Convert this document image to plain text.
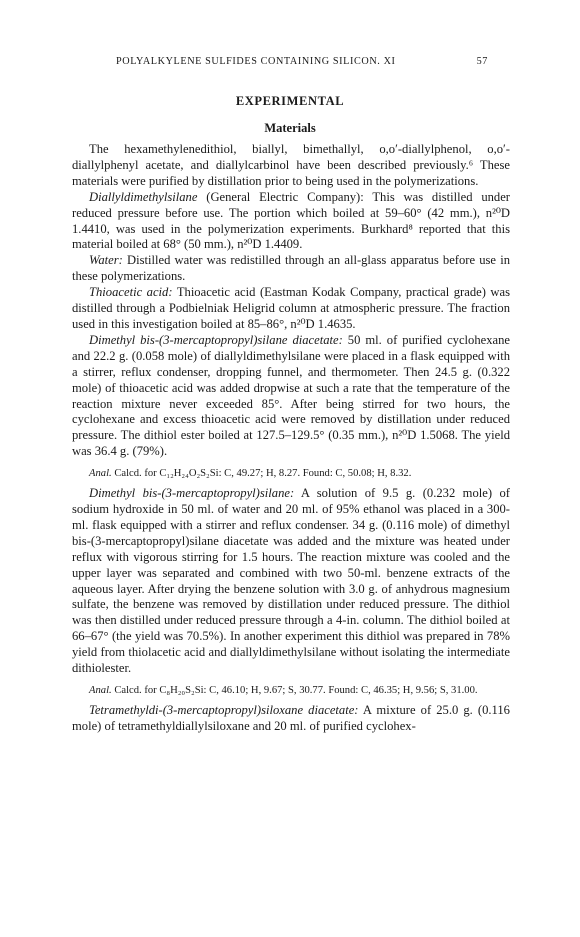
POLYALKYLENE SULFIDES CONTAINING SILICON. XI	57
EXPERIMENTAL
Materials

The hexamethylenedithiol, biallyl, bimethallyl, o,o′-diallylphenol, o,o′-diallylphenyl acetate, and diallylcarbinol have been described previously.⁶ These materials were purified by distillation prior to being used in the polymerizations.

Diallyldimethylsilane (General Electric Company): This was distilled under reduced pressure before use. The portion which boiled at 59–60° (42 mm.), n²⁰D 1.4410, was used in the polymerization experiments. Burkhard⁸ reported that this material boiled at 68° (50 mm.), n²⁰D 1.4409.

Water: Distilled water was redistilled through an all-glass apparatus before use in these polymerizations.

Thioacetic acid: Thioacetic acid (Eastman Kodak Company, practical grade) was distilled through a Podbielniak Heligrid column at atmospheric pressure. The fraction used in this investigation boiled at 85–86°, n²⁰D 1.4635.

Dimethyl bis-(3-mercaptopropyl)silane diacetate: 50 ml. of purified cyclohexane and 22.2 g. (0.058 mole) of diallyldimethylsilane were placed in a flask equipped with a stirrer, reflux condenser, dropping funnel, and thermometer. Then 24.5 g. (0.322 mole) of thioacetic acid was added dropwise at such a rate that the temperature of the reaction mixture never exceeded 85°. After being stirred for two hours, the cyclohexane and excess thioacetic acid were removed by distillation under reduced pressure. The dithiol ester boiled at 127.5–129.5° (0.35 mm.), n²⁰D 1.5068. The yield was 36.4 g. (79%).

Anal. Calcd. for C₁₂H₂₄O₂S₂Si: C, 49.27; H, 8.27. Found: C, 50.08; H, 8.32.

Dimethyl bis-(3-mercaptopropyl)silane: A solution of 9.5 g. (0.232 mole) of sodium hydroxide in 50 ml. of water and 20 ml. of 95% ethanol was placed in a 300-ml. flask equipped with a stirrer and reflux condenser. 34 g. (0.116 mole) of dimethyl bis-(3-mercaptopropyl)silane diacetate was added and the mixture was heated under reflux with vigorous stirring for 1.5 hours. The reaction mixture was cooled and the upper layer was separated and combined with two 50-ml. benzene extracts of the aqueous layer. After drying the benzene solution with 3.0 g. of anhydrous magnesium sulfate, the benzene was removed by distillation under reduced pressure. The dithiol was then distilled under reduced pressure through a 4-in. column. The dithiol boiled at 66–67° (the yield was 70.5%). In another experiment this dithiol was prepared in 78% yield from thiolacetic acid and diallyldimethylsilane without isolating the intermediate dithiolester.

Anal. Calcd. for C₈H₂₀S₂Si: C, 46.10; H, 9.67; S, 30.77. Found: C, 46.35; H, 9.56; S, 31.00.

Tetramethyldi-(3-mercaptopropyl)siloxane diacetate: A mixture of 25.0 g. (0.116 mole) of tetramethyldiallylsiloxane and 20 ml. of purified cyclohex-
